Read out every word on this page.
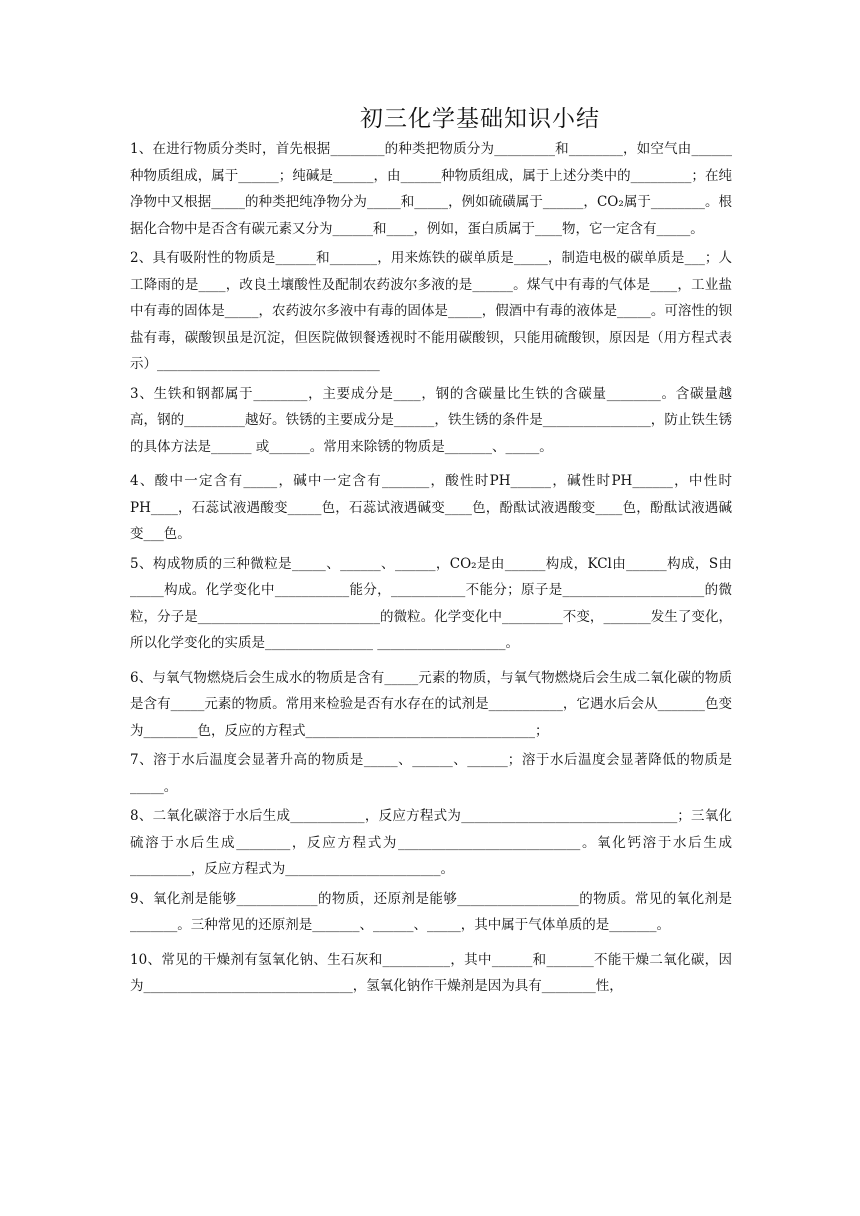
初三化学基础知识小结

1、在进行物质分类时，首先根据________的种类把物质分为_________和________，如空气由______种物质组成，属于______；纯碱是______，由______种物质组成，属于上述分类中的_________；在纯净物中又根据_____的种类把纯净物分为_____和_____，例如硫磺属于______，CO₂属于________。根据化合物中是否含有碳元素又分为______和____，例如，蛋白质属于____物，它一定含有_____。

2、具有吸附性的物质是______和_______，用来炼铁的碳单质是_____，制造电极的碳单质是___；人工降雨的是____，改良土壤酸性及配制农药波尔多液的是______。煤气中有毒的气体是____，工业盐中有毒的固体是_____，农药波尔多液中有毒的固体是_____，假酒中有毒的液体是_____。可溶性的钡盐有毒，碳酸钡虽是沉淀，但医院做钡餐透视时不能用碳酸钡，只能用硫酸钡，原因是（用方程式表示）_________________________________

3、生铁和钢都属于________，主要成分是____，钢的含碳量比生铁的含碳量________。含碳量越高，钢的_________越好。铁锈的主要成分是______，铁生锈的条件是________________，防止铁生锈的具体方法是______ 或______。常用来除锈的物质是_______、_____。

4、酸中一定含有_____，碱中一定含有_______，酸性时PH______，碱性时PH______，中性时PH____，石蕊试液遇酸变_____色，石蕊试液遇碱变____色，酚酞试液遇酸变____色，酚酞试液遇碱变___色。

5、构成物质的三种微粒是_____、______、______，CO₂是由______构成，KCl由______构成，S由_____构成。化学变化中___________能分，___________不能分；原子是_____________________的微粒，分子是___________________________的微粒。化学变化中_________不变，_______发生了变化，所以化学变化的实质是________________ ___________________。

6、与氧气物燃烧后会生成水的物质是含有_____元素的物质，与氧气物燃烧后会生成二氧化碳的物质是含有_____元素的物质。常用来检验是否有水存在的试剂是___________，它遇水后会从_______色变为________色，反应的方程式__________________________________；

7、溶于水后温度会显著升高的物质是_____、______、______；溶于水后温度会显著降低的物质是_____。

8、二氧化碳溶于水后生成___________，反应方程式为________________________________；三氧化硫溶于水后生成________，反应方程式为___________________________。氧化钙溶于水后生成_________，反应方程式为_______________________。

9、氧化剂是能够____________的物质，还原剂是能够__________________的物质。常见的氧化剂是_______。三种常见的还原剂是_______、______、_____，其中属于气体单质的是_______。

10、常见的干燥剂有氢氧化钠、生石灰和__________，其中______和_______不能干燥二氧化碳，因为_______________________________，氢氧化钠作干燥剂是因为具有________性，
